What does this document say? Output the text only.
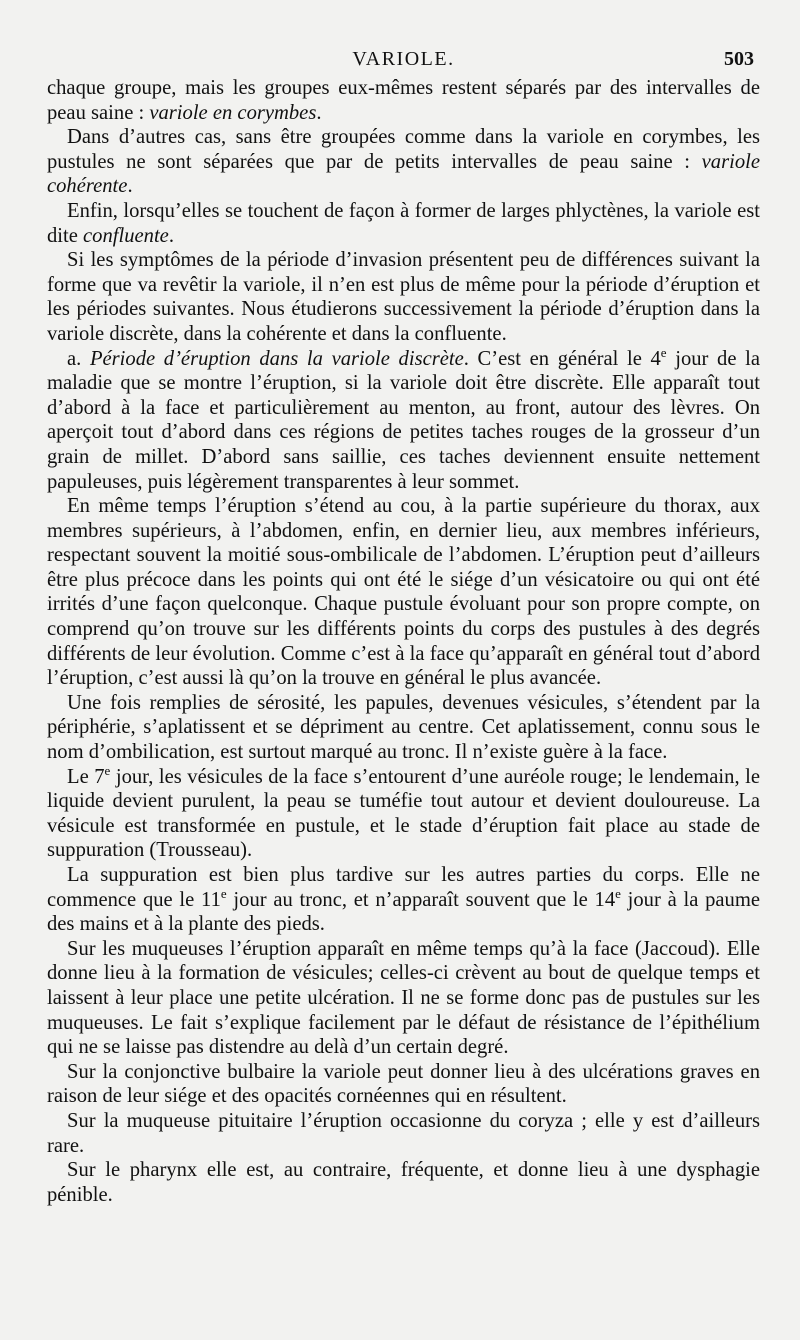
VARIOLE.	503

chaque groupe, mais les groupes eux-mêmes restent séparés par des intervalles de peau saine : variole en corymbes.

Dans d’autres cas, sans être groupées comme dans la variole en corymbes, les pustules ne sont séparées que par de petits intervalles de peau saine : variole cohérente.

Enfin, lorsqu’elles se touchent de façon à former de larges phlyctènes, la variole est dite confluente.

Si les symptômes de la période d’invasion présentent peu de différences suivant la forme que va revêtir la variole, il n’en est plus de même pour la période d’éruption et les périodes suivantes. Nous étudierons successivement la période d’éruption dans la variole discrète, dans la cohérente et dans la confluente.

a. Période d’éruption dans la variole discrète. C’est en général le 4e jour de la maladie que se montre l’éruption, si la variole doit être discrète. Elle apparaît tout d’abord à la face et particulièrement au menton, au front, autour des lèvres. On aperçoit tout d’abord dans ces régions de petites taches rouges de la grosseur d’un grain de millet. D’abord sans saillie, ces taches deviennent ensuite nettement papuleuses, puis légèrement transparentes à leur sommet.

En même temps l’éruption s’étend au cou, à la partie supérieure du thorax, aux membres supérieurs, à l’abdomen, enfin, en dernier lieu, aux membres inférieurs, respectant souvent la moitié sous-ombilicale de l’abdomen. L’éruption peut d’ailleurs être plus précoce dans les points qui ont été le siége d’un vésicatoire ou qui ont été irrités d’une façon quelconque. Chaque pustule évoluant pour son propre compte, on comprend qu’on trouve sur les différents points du corps des pustules à des degrés différents de leur évolution. Comme c’est à la face qu’apparaît en général tout d’abord l’éruption, c’est aussi là qu’on la trouve en général le plus avancée.

Une fois remplies de sérosité, les papules, devenues vésicules, s’étendent par la périphérie, s’aplatissent et se dépriment au centre. Cet aplatissement, connu sous le nom d’ombilication, est surtout marqué au tronc. Il n’existe guère à la face.

Le 7e jour, les vésicules de la face s’entourent d’une auréole rouge; le lendemain, le liquide devient purulent, la peau se tuméfie tout autour et devient douloureuse. La vésicule est transformée en pustule, et le stade d’éruption fait place au stade de suppuration (Trousseau).

La suppuration est bien plus tardive sur les autres parties du corps. Elle ne commence que le 11e jour au tronc, et n’apparaît souvent que le 14e jour à la paume des mains et à la plante des pieds.

Sur les muqueuses l’éruption apparaît en même temps qu’à la face (Jaccoud). Elle donne lieu à la formation de vésicules; celles-ci crèvent au bout de quelque temps et laissent à leur place une petite ulcération. Il ne se forme donc pas de pustules sur les muqueuses. Le fait s’explique facilement par le défaut de résistance de l’épithélium qui ne se laisse pas distendre au delà d’un certain degré.

Sur la conjonctive bulbaire la variole peut donner lieu à des ulcérations graves en raison de leur siége et des opacités cornéennes qui en résultent.

Sur la muqueuse pituitaire l’éruption occasionne du coryza ; elle y est d’ailleurs rare.

Sur le pharynx elle est, au contraire, fréquente, et donne lieu à une dysphagie pénible.
